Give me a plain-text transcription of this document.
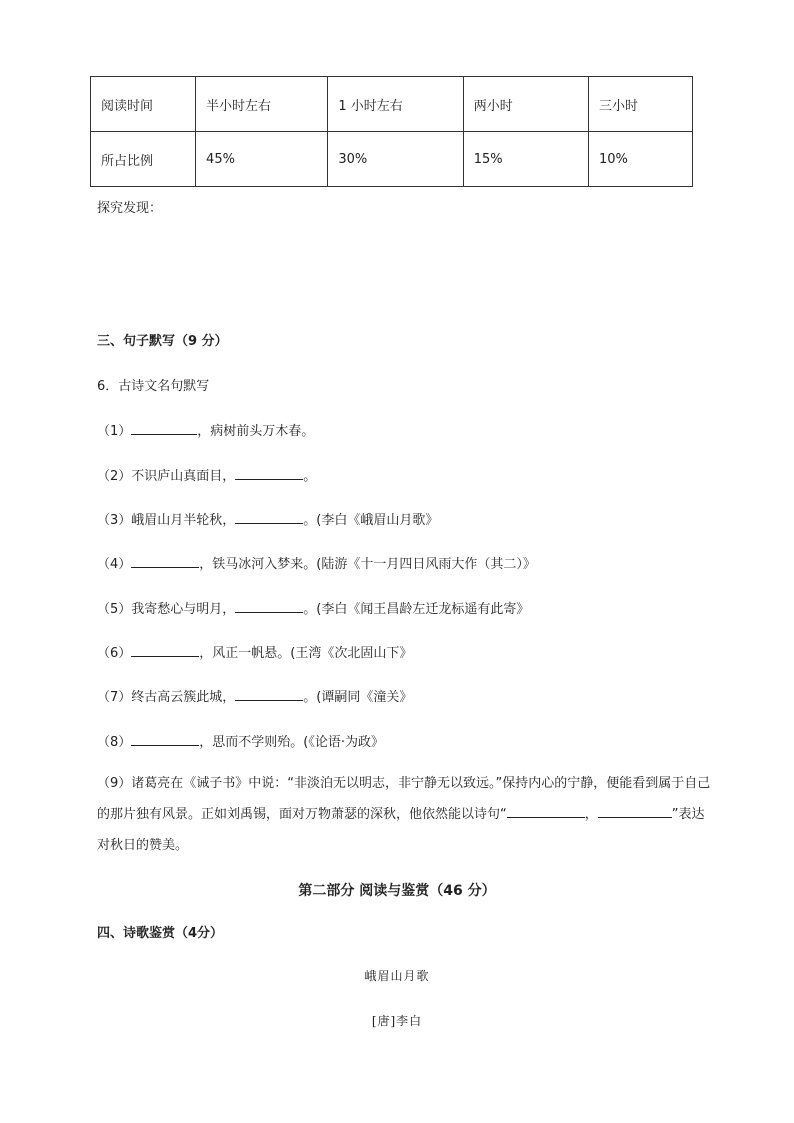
阅读时间	半小时左右	1 小时左右	两小时	三小时
所占比例	45%	30%	15%	10%
探究发现：
三、句子默写（9 分）
6．古诗文名句默写
（1）	，病树前头万木春。
（2）不识庐山真面目，	。
（3）峨眉山月半轮秋，	。(李白《峨眉山月歌》
（4）	，铁马冰河入梦来。(陆游《十一月四日风雨大作（其二）》
（5）我寄愁心与明月，	。(李白《闻王昌龄左迁龙标遥有此寄》
（6）	，风正一帆悬。(王湾《次北固山下》
（7）终古高云簇此城，	。(谭嗣同《潼关》
（8）	，思而不学则殆。(《论语·为政》
（9）诸葛亮在《诫子书》中说：“非淡泊无以明志，非宁静无以致远。”保持内心的宁静，便能看到属于自己的那片独有风景。正如刘禹锡，面对万物萧瑟的深秋，他依然能以诗句“	，	”表达对秋日的赞美。
第二部分 阅读与鉴赏（46 分）
四、诗歌鉴赏（4分）
峨眉山月歌
[唐]李白
